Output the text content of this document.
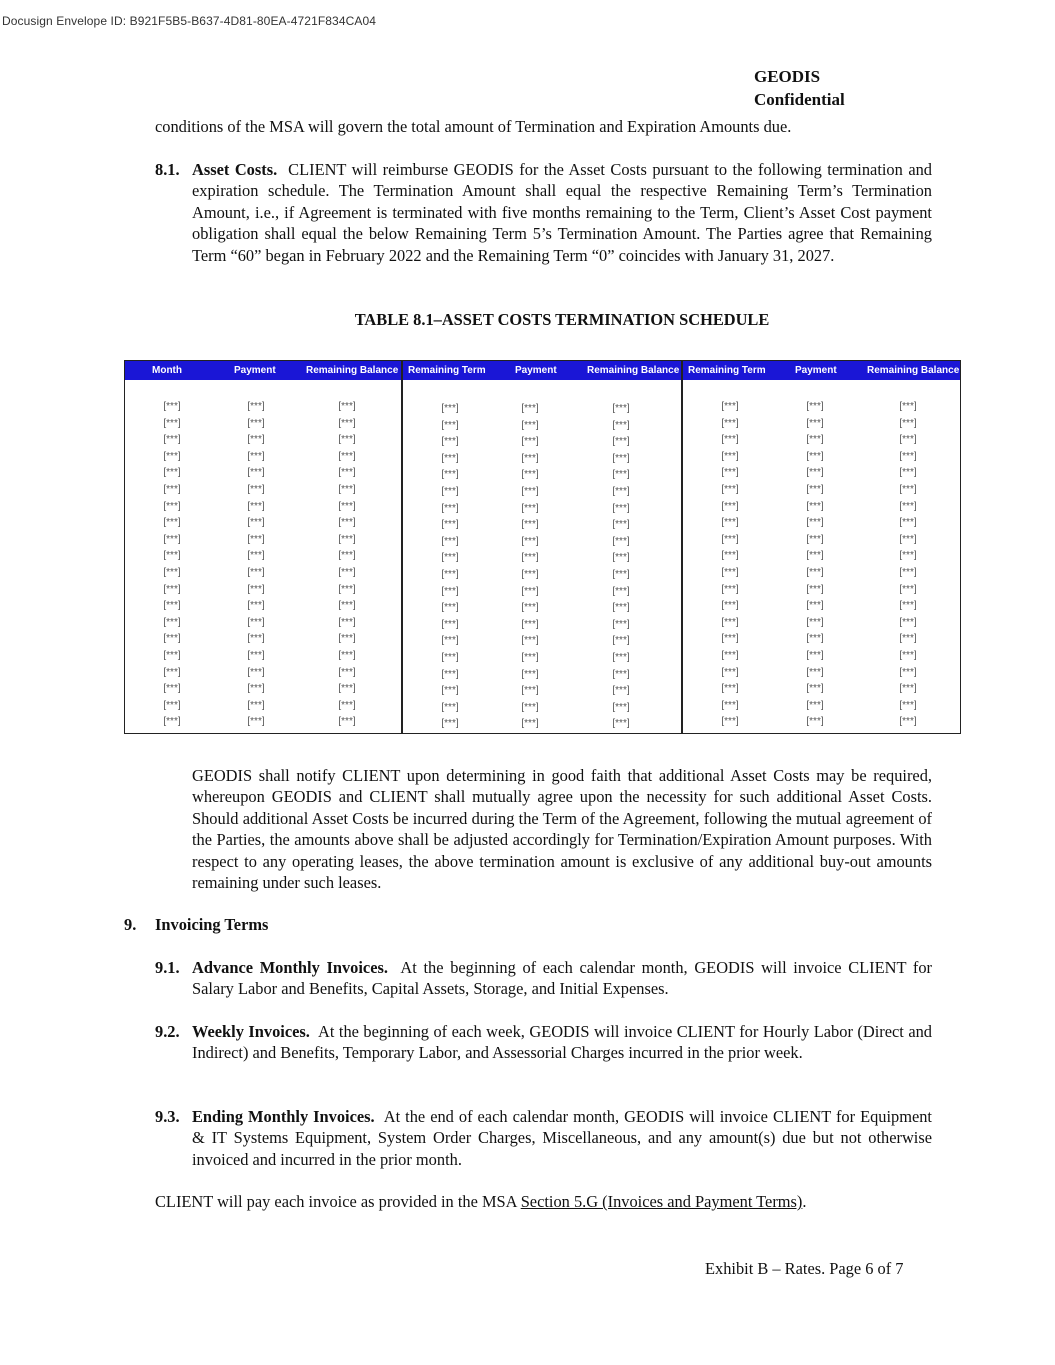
Docusign Envelope ID: B921F5B5-B637-4D81-80EA-4721F834CA04
GEODIS
Confidential

conditions of the MSA will govern the total amount of Termination and Expiration Amounts due.

8.1. Asset Costs. CLIENT will reimburse GEODIS for the Asset Costs pursuant to the following termination and expiration schedule. The Termination Amount shall equal the respective Remaining Term’s Termination Amount, i.e., if Agreement is terminated with five months remaining to the Term, Client’s Asset Cost payment obligation shall equal the below Remaining Term 5’s Termination Amount. The Parties agree that Remaining Term “60” began in February 2022 and the Remaining Term “0” coincides with January 31, 2027.

TABLE 8.1–ASSET COSTS TERMINATION SCHEDULE
Month	Payment	Remaining Balance Remaining Term	Payment	Remaining Balance Remaining Term	Payment	Remaining Balance
[***]	[***]	[***]	[***]	[***]	[***]	[***]	[***]	[***]
[***]	[***]	[***]	[***]	[***]	[***]	[***]	[***]	[***]
[***]	[***]	[***]	[***]	[***]	[***]	[***]	[***]	[***]
[***]	[***]	[***]	[***]	[***]	[***]	[***]	[***]	[***]
[***]	[***]	[***]	[***]	[***]	[***]	[***]	[***]	[***]
[***]	[***]	[***]	[***]	[***]	[***]	[***]	[***]	[***]
[***]	[***]	[***]	[***]	[***]	[***]	[***]	[***]	[***]
[***]	[***]	[***]	[***]	[***]	[***]	[***]	[***]	[***]
[***]	[***]	[***]	[***]	[***]	[***]	[***]	[***]	[***]
[***]	[***]	[***]	[***]	[***]	[***]	[***]	[***]	[***]
[***]	[***]	[***]	[***]	[***]	[***]	[***]	[***]	[***]
[***]	[***]	[***]	[***]	[***]	[***]	[***]	[***]	[***]
[***]	[***]	[***]	[***]	[***]	[***]	[***]	[***]	[***]
[***]	[***]	[***]	[***]	[***]	[***]	[***]	[***]	[***]
[***]	[***]	[***]	[***]	[***]	[***]	[***]	[***]	[***]
[***]	[***]	[***]	[***]	[***]	[***]	[***]	[***]	[***]
[***]	[***]	[***]	[***]	[***]	[***]	[***]	[***]	[***]
[***]	[***]	[***]	[***]	[***]	[***]	[***]	[***]	[***]
[***]	[***]	[***]	[***]	[***]	[***]	[***]	[***]	[***]
[***]	[***]	[***]	[***]	[***]	[***]	[***]	[***]	[***]

GEODIS shall notify CLIENT upon determining in good faith that additional Asset Costs may be required, whereupon GEODIS and CLIENT shall mutually agree upon the necessity for such additional Asset Costs. Should additional Asset Costs be incurred during the Term of the Agreement, following the mutual agreement of the Parties, the amounts above shall be adjusted accordingly for Termination/Expiration Amount purposes. With respect to any operating leases, the above termination amount is exclusive of any additional buy-out amounts remaining under such leases.

9. Invoicing Terms
9.1. Advance Monthly Invoices. At the beginning of each calendar month, GEODIS will invoice CLIENT for Salary Labor and Benefits, Capital Assets, Storage, and Initial Expenses.

9.2. Weekly Invoices. At the beginning of each week, GEODIS will invoice CLIENT for Hourly Labor (Direct and Indirect) and Benefits, Temporary Labor, and Assessorial Charges incurred in the prior week.

9.3. Ending Monthly Invoices. At the end of each calendar month, GEODIS will invoice CLIENT for Equipment & IT Systems Equipment, System Order Charges, Miscellaneous, and any amount(s) due but not otherwise invoiced and incurred in the prior month.

CLIENT will pay each invoice as provided in the MSA Section 5.G (Invoices and Payment Terms).

Exhibit B – Rates. Page 6 of 7
